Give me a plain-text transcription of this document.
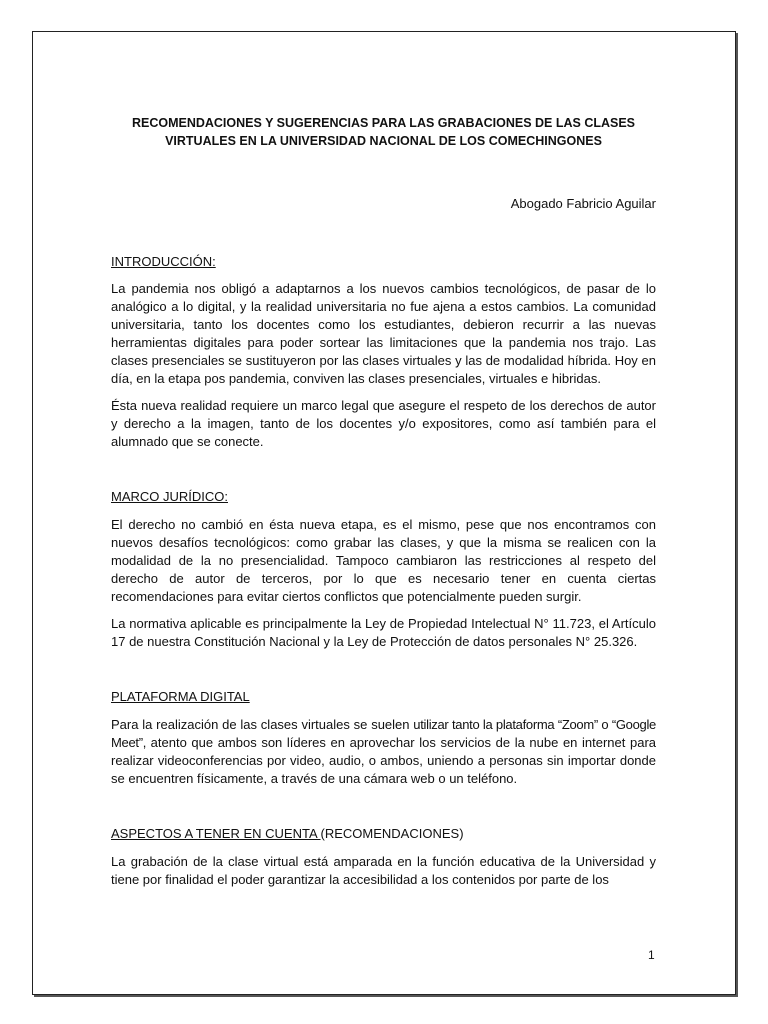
RECOMENDACIONES Y SUGERENCIAS PARA LAS GRABACIONES DE LAS CLASES
VIRTUALES EN LA UNIVERSIDAD NACIONAL DE LOS COMECHINGONES

Abogado Fabricio Aguilar

INTRODUCCIÓN:

La pandemia nos obligó a adaptarnos a los nuevos cambios tecnológicos, de pasar de lo analógico a lo digital, y la realidad universitaria no fue ajena a estos cambios. La comunidad universitaria, tanto los docentes como los estudiantes, debieron recurrir a las nuevas herramientas digitales para poder sortear las limitaciones que la pandemia nos trajo. Las clases presenciales se sustituyeron por las clases virtuales y las de modalidad híbrida. Hoy en día, en la etapa pos pandemia, conviven las clases presenciales, virtuales e hibridas.

Ésta nueva realidad requiere un marco legal que asegure el respeto de los derechos de autor y derecho a la imagen, tanto de los docentes y/o expositores, como así también para el alumnado que se conecte.

MARCO JURÍDICO:

El derecho no cambió en ésta nueva etapa, es el mismo, pese que nos encontramos con nuevos desafíos tecnológicos: como grabar las clases, y que la misma se realicen con la modalidad de la no presencialidad. Tampoco cambiaron las restricciones al respeto del derecho de autor de terceros, por lo que es necesario tener en cuenta ciertas recomendaciones para evitar ciertos conflictos que potencialmente pueden surgir.

La normativa aplicable es principalmente la Ley de Propiedad Intelectual N° 11.723, el Artículo 17 de nuestra Constitución Nacional y la Ley de Protección de datos personales N° 25.326.

PLATAFORMA DIGITAL

Para la realización de las clases virtuales se suelen utilizar tanto la plataforma “Zoom” o “Google Meet”, atento que ambos son líderes en aprovechar los servicios de la nube en internet para realizar videoconferencias por video, audio, o ambos, uniendo a personas sin importar donde se encuentren físicamente, a través de una cámara web o un teléfono.

ASPECTOS A TENER EN CUENTA (RECOMENDACIONES)

La grabación de la clase virtual está amparada en la función educativa de la Universidad y tiene por finalidad el poder garantizar la accesibilidad a los contenidos por parte de los

1
